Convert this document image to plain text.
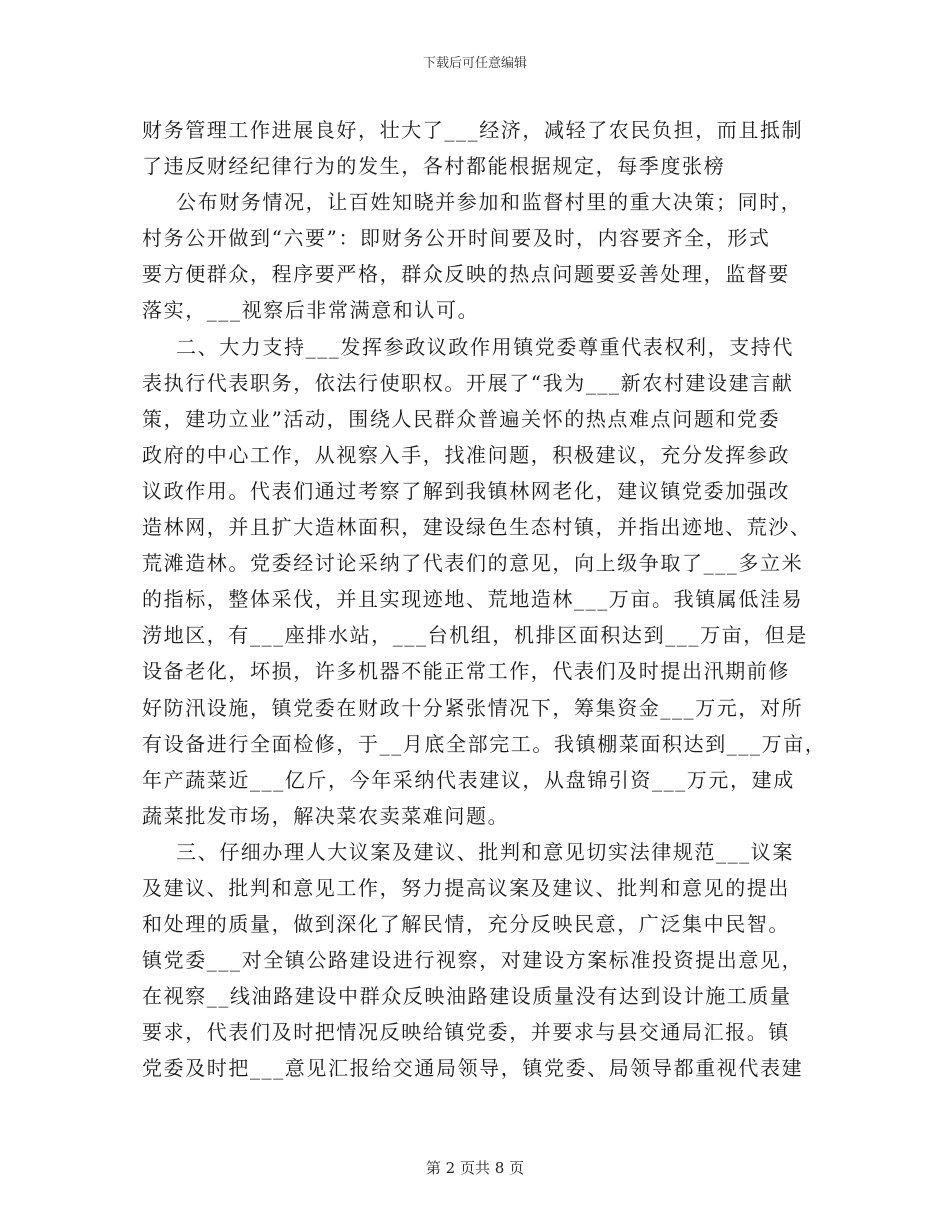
下载后可任意编辑
财务管理工作进展良好，壮大了___经济，减轻了农民负担，而且抵制
了违反财经纪律行为的发生，各村都能根据规定，每季度张榜
公布财务情况，让百姓知晓并参加和监督村里的重大决策；同时，
村务公开做到“六要”：即财务公开时间要及时，内容要齐全，形式
要方便群众，程序要严格，群众反映的热点问题要妥善处理，监督要
落实，___视察后非常满意和认可。
二、大力支持___发挥参政议政作用镇党委尊重代表权利，支持代
表执行代表职务，依法行使职权。开展了“我为___新农村建设建言献
策，建功立业”活动，围绕人民群众普遍关怀的热点难点问题和党委
政府的中心工作，从视察入手，找准问题，积极建议，充分发挥参政
议政作用。代表们通过考察了解到我镇林网老化，建议镇党委加强改
造林网，并且扩大造林面积，建设绿色生态村镇，并指出迹地、荒沙、
荒滩造林。党委经讨论采纳了代表们的意见，向上级争取了___多立米
的指标，整体采伐，并且实现迹地、荒地造林___万亩。我镇属低洼易
涝地区，有___座排水站，___台机组，机排区面积达到___万亩，但是
设备老化，坏损，许多机器不能正常工作，代表们及时提出汛期前修
好防汛设施，镇党委在财政十分紧张情况下，筹集资金___万元，对所
有设备进行全面检修，于__月底全部完工。我镇棚菜面积达到___万亩，
年产蔬菜近___亿斤，今年采纳代表建议，从盘锦引资___万元，建成
蔬菜批发市场，解决菜农卖菜难问题。
三、仔细办理人大议案及建议、批判和意见切实法律规范___议案
及建议、批判和意见工作，努力提高议案及建议、批判和意见的提出
和处理的质量，做到深化了解民情，充分反映民意，广泛集中民智。
镇党委___对全镇公路建设进行视察，对建设方案标准投资提出意见，
在视察__线油路建设中群众反映油路建设质量没有达到设计施工质量
要求，代表们及时把情况反映给镇党委，并要求与县交通局汇报。镇
党委及时把___意见汇报给交通局领导，镇党委、局领导都重视代表建
第 2 页共 8 页
